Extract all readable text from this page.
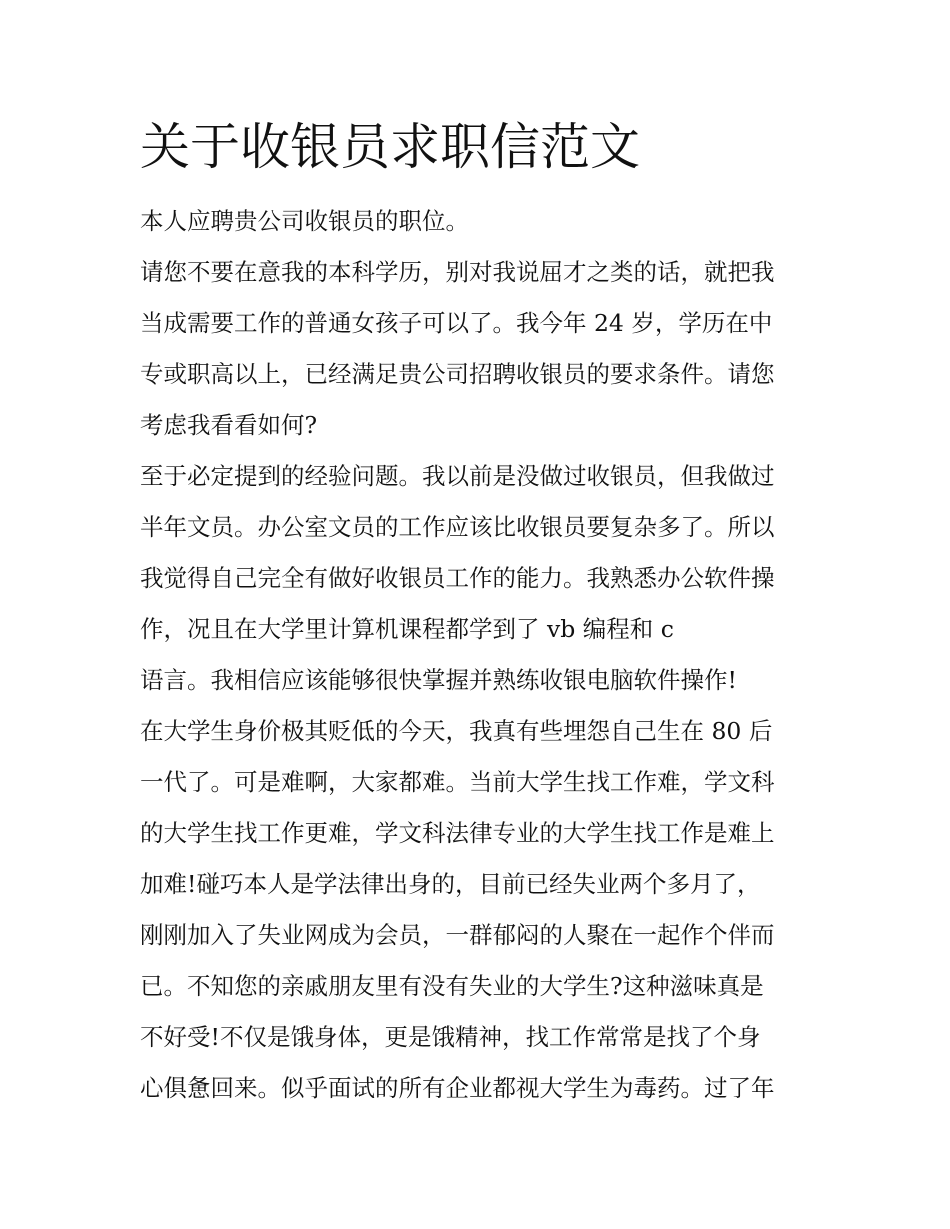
关于收银员求职信范文

本人应聘贵公司收银员的职位。

请您不要在意我的本科学历，别对我说屈才之类的话，就把我

当成需要工作的普通女孩子可以了。我今年 24 岁，学历在中

专或职高以上，已经满足贵公司招聘收银员的要求条件。请您

考虑我看看如何?

至于必定提到的经验问题。我以前是没做过收银员，但我做过

半年文员。办公室文员的工作应该比收银员要复杂多了。所以

我觉得自己完全有做好收银员工作的能力。我熟悉办公软件操

作，况且在大学里计算机课程都学到了 vb 编程和 c

语言。我相信应该能够很快掌握并熟练收银电脑软件操作!

在大学生身价极其贬低的今天，我真有些埋怨自己生在 80 后

一代了。可是难啊，大家都难。当前大学生找工作难，学文科

的大学生找工作更难，学文科法律专业的大学生找工作是难上

加难!碰巧本人是学法律出身的，目前已经失业两个多月了，

刚刚加入了失业网成为会员，一群郁闷的人聚在一起作个伴而

已。不知您的亲戚朋友里有没有失业的大学生?这种滋味真是

不好受!不仅是饿身体，更是饿精神，找工作常常是找了个身

心俱惫回来。似乎面试的所有企业都视大学生为毒药。过了年
